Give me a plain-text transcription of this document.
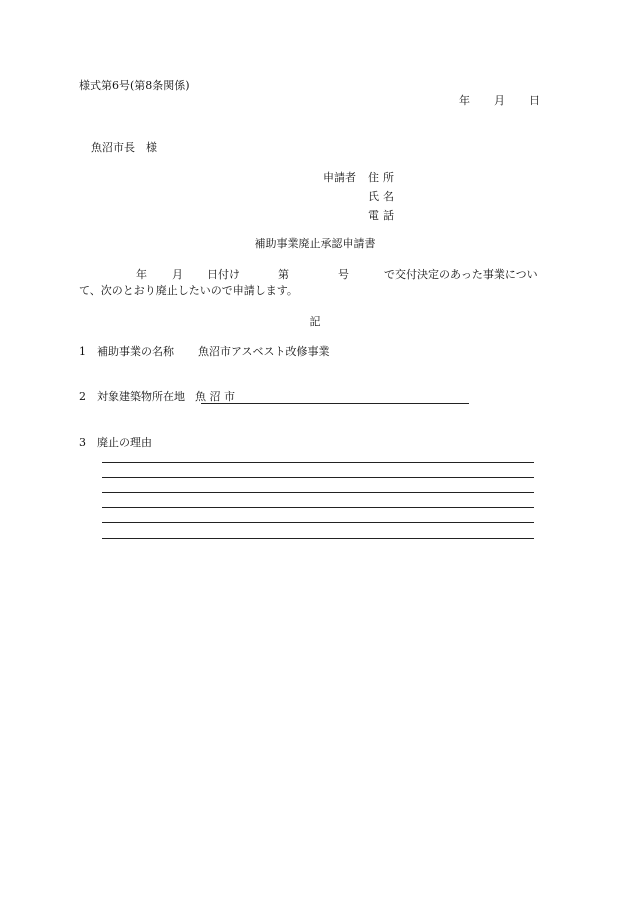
様式第6号(第8条関係)
年 月 日
魚沼市長　様
申請者 住所
氏名
電話
補助事業廃止承認申請書
年 月 日付け	第	号	で交付決定のあった事業につい
て、次のとおり廃止したいので申請します。
記
1 補助事業の名称 魚沼市アスベスト改修事業
2 対象建築物所在地 魚 沼 市
3 廃止の理由
